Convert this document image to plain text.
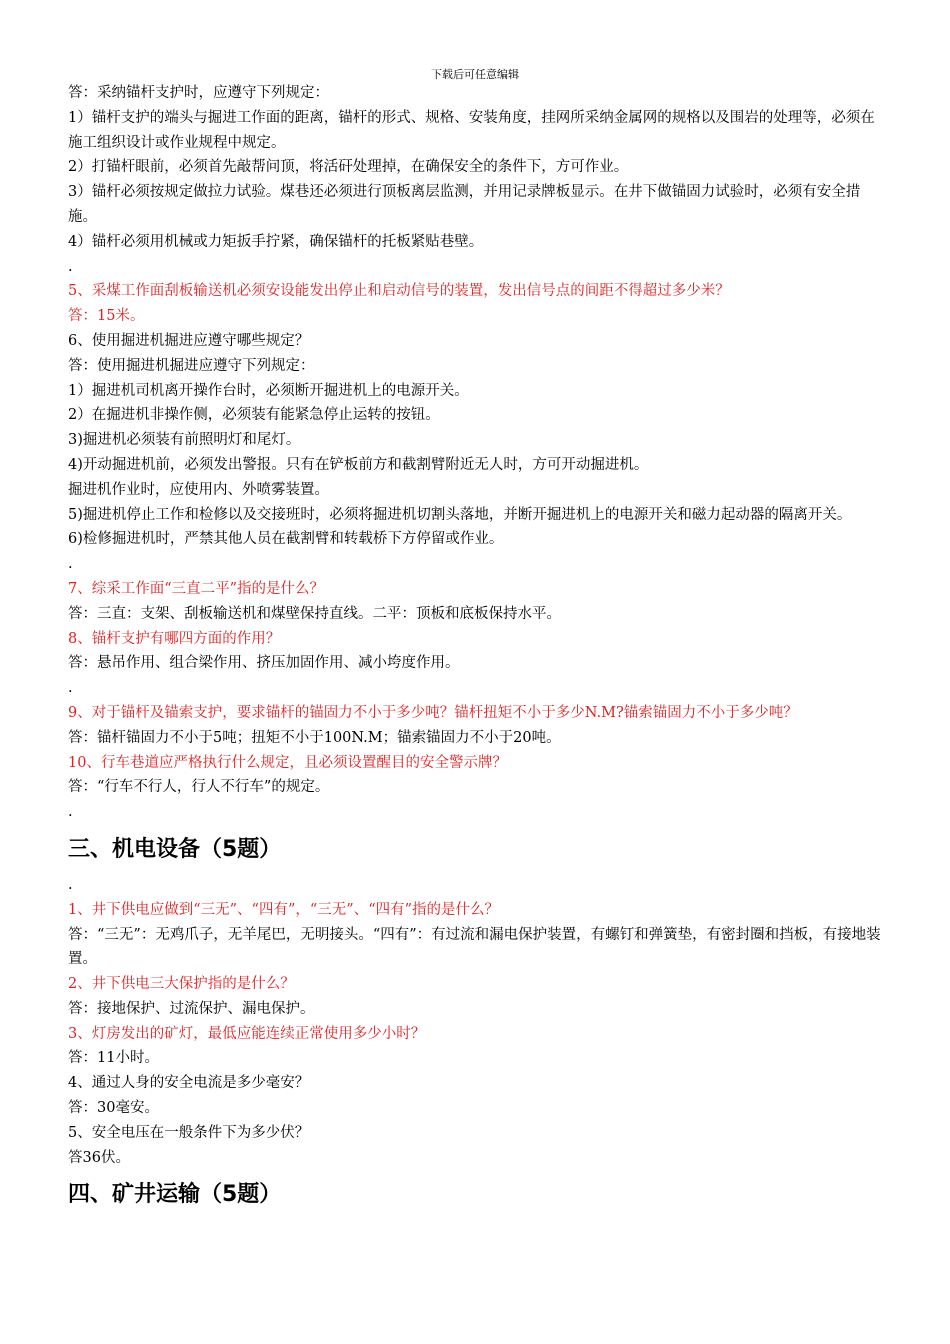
下载后可任意编辑

答：采纳锚杆支护时，应遵守下列规定：

1）锚杆支护的端头与掘进工作面的距离，锚杆的形式、规格、安装角度，挂网所采纳金属网的规格以及围岩的处理等，必须在施工组织设计或作业规程中规定。

2）打锚杆眼前，必须首先敲帮问顶，将活矸处理掉，在确保安全的条件下，方可作业。

3）锚杆必须按规定做拉力试验。煤巷还必须进行顶板离层监测，并用记录牌板显示。在井下做锚固力试验时，必须有安全措施。

4）锚杆必须用机械或力矩扳手拧紧，确保锚杆的托板紧贴巷壁。

.

5、采煤工作面刮板输送机必须安设能发出停止和启动信号的装置，发出信号点的间距不得超过多少米？

答：15米。

6、使用掘进机掘进应遵守哪些规定？

答：使用掘进机掘进应遵守下列规定：

1）掘进机司机离开操作台时，必须断开掘进机上的电源开关。

2）在掘进机非操作侧，必须装有能紧急停止运转的按钮。

3)掘进机必须装有前照明灯和尾灯。

4)开动掘进机前，必须发出警报。只有在铲板前方和截割臂附近无人时，方可开动掘进机。

掘进机作业时，应使用内、外喷雾装置。

5)掘进机停止工作和检修以及交接班时，必须将掘进机切割头落地，并断开掘进机上的电源开关和磁力起动器的隔离开关。

6)检修掘进机时，严禁其他人员在截割臂和转载桥下方停留或作业。

.

7、综采工作面“三直二平”指的是什么？

答：三直：支架、刮板输送机和煤壁保持直线。二平：顶板和底板保持水平。

8、锚杆支护有哪四方面的作用？

答：悬吊作用、组合梁作用、挤压加固作用、减小垮度作用。

.

9、对于锚杆及锚索支护，要求锚杆的锚固力不小于多少吨？锚杆扭矩不小于多少N.M?锚索锚固力不小于多少吨？

答：锚杆锚固力不小于5吨；扭矩不小于100N.M；锚索锚固力不小于20吨。

10、行车巷道应严格执行什么规定，且必须设置醒目的安全警示牌？

答：“行车不行人，行人不行车”的规定。

.

三、机电设备（5题）

.

1、井下供电应做到“三无”、“四有”，“三无”、“四有”指的是什么？

答：“三无”：无鸡爪子，无羊尾巴，无明接头。“四有”：有过流和漏电保护装置，有螺钉和弹簧垫，有密封圈和挡板，有接地装置。

2、井下供电三大保护指的是什么？

答：接地保护、过流保护、漏电保护。

3、灯房发出的矿灯，最低应能连续正常使用多少小时？

答：11小时。

4、通过人身的安全电流是多少毫安？

答：30毫安。

5、安全电压在一般条件下为多少伏？

答36伏。

四、矿井运输（5题）
